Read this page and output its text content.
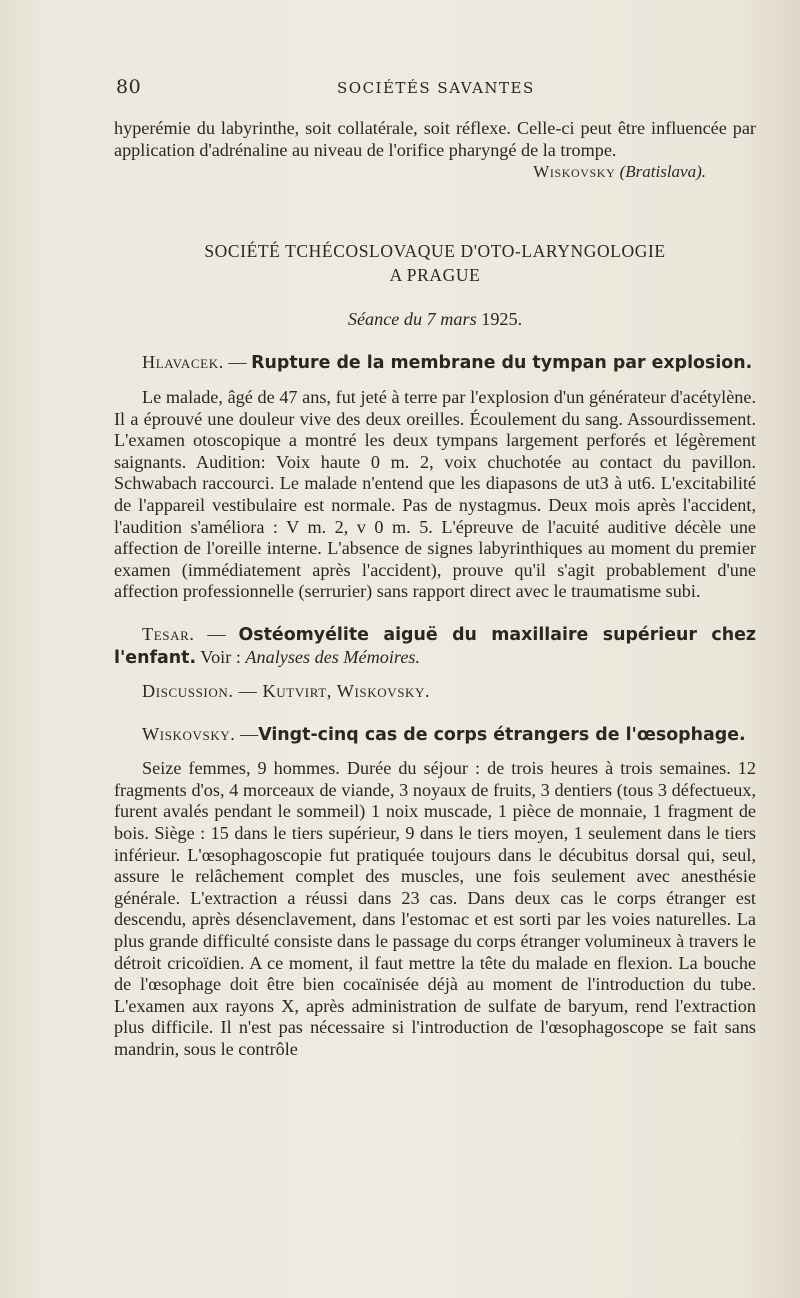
80	SOCIÉTÉS SAVANTES

hyperémie du labyrinthe, soit collatérale, soit réflexe. Celle-ci peut être influencée par application d'adrénaline au niveau de l'orifice pharyngé de la trompe.

Wiskovsky (Bratislava).
SOCIÉTÉ TCHÉCOSLOVAQUE D'OTO-LARYNGOLOGIE
A PRAGUE
Séance du 7 mars 1925.

Hlavacek. — Rupture de la membrane du tympan par explosion.

Le malade, âgé de 47 ans, fut jeté à terre par l'explosion d'un générateur d'acétylène. Il a éprouvé une douleur vive des deux oreilles. Écoulement du sang. Assourdissement. L'examen otoscopique a montré les deux tympans largement perforés et légèrement saignants. Audition: Voix haute 0 m. 2, voix chuchotée au contact du pavillon. Schwabach raccourci. Le malade n'entend que les diapasons de ut3 à ut6. L'excitabilité de l'appareil vestibulaire est normale. Pas de nystagmus. Deux mois après l'accident, l'audition s'améliora : V m. 2, v 0 m. 5. L'épreuve de l'acuité auditive décèle une affection de l'oreille interne. L'absence de signes labyrinthiques au moment du premier examen (immédiatement après l'accident), prouve qu'il s'agit probablement d'une affection professionnelle (serrurier) sans rapport direct avec le traumatisme subi.

Tesar. — Ostéomyélite aiguë du maxillaire supérieur chez l'enfant. Voir : Analyses des Mémoires.

Discussion. — Kutvirt, Wiskovsky.

Wiskovsky. —Vingt-cinq cas de corps étrangers de l'œsophage.

Seize femmes, 9 hommes. Durée du séjour : de trois heures à trois semaines. 12 fragments d'os, 4 morceaux de viande, 3 noyaux de fruits, 3 dentiers (tous 3 défectueux, furent avalés pendant le sommeil) 1 noix muscade, 1 pièce de monnaie, 1 fragment de bois. Siège : 15 dans le tiers supérieur, 9 dans le tiers moyen, 1 seulement dans le tiers inférieur. L'œsophagoscopie fut pratiquée toujours dans le décubitus dorsal qui, seul, assure le relâchement complet des muscles, une fois seulement avec anesthésie générale. L'extraction a réussi dans 23 cas. Dans deux cas le corps étranger est descendu, après désenclavement, dans l'estomac et est sorti par les voies naturelles. La plus grande difficulté consiste dans le passage du corps étranger volumineux à travers le détroit cricoïdien. A ce moment, il faut mettre la tête du malade en flexion. La bouche de l'œsophage doit être bien cocaïnisée déjà au moment de l'introduction du tube. L'examen aux rayons X, après administration de sulfate de baryum, rend l'extraction plus difficile. Il n'est pas nécessaire si l'introduction de l'œsophagoscope se fait sans mandrin, sous le contrôle
